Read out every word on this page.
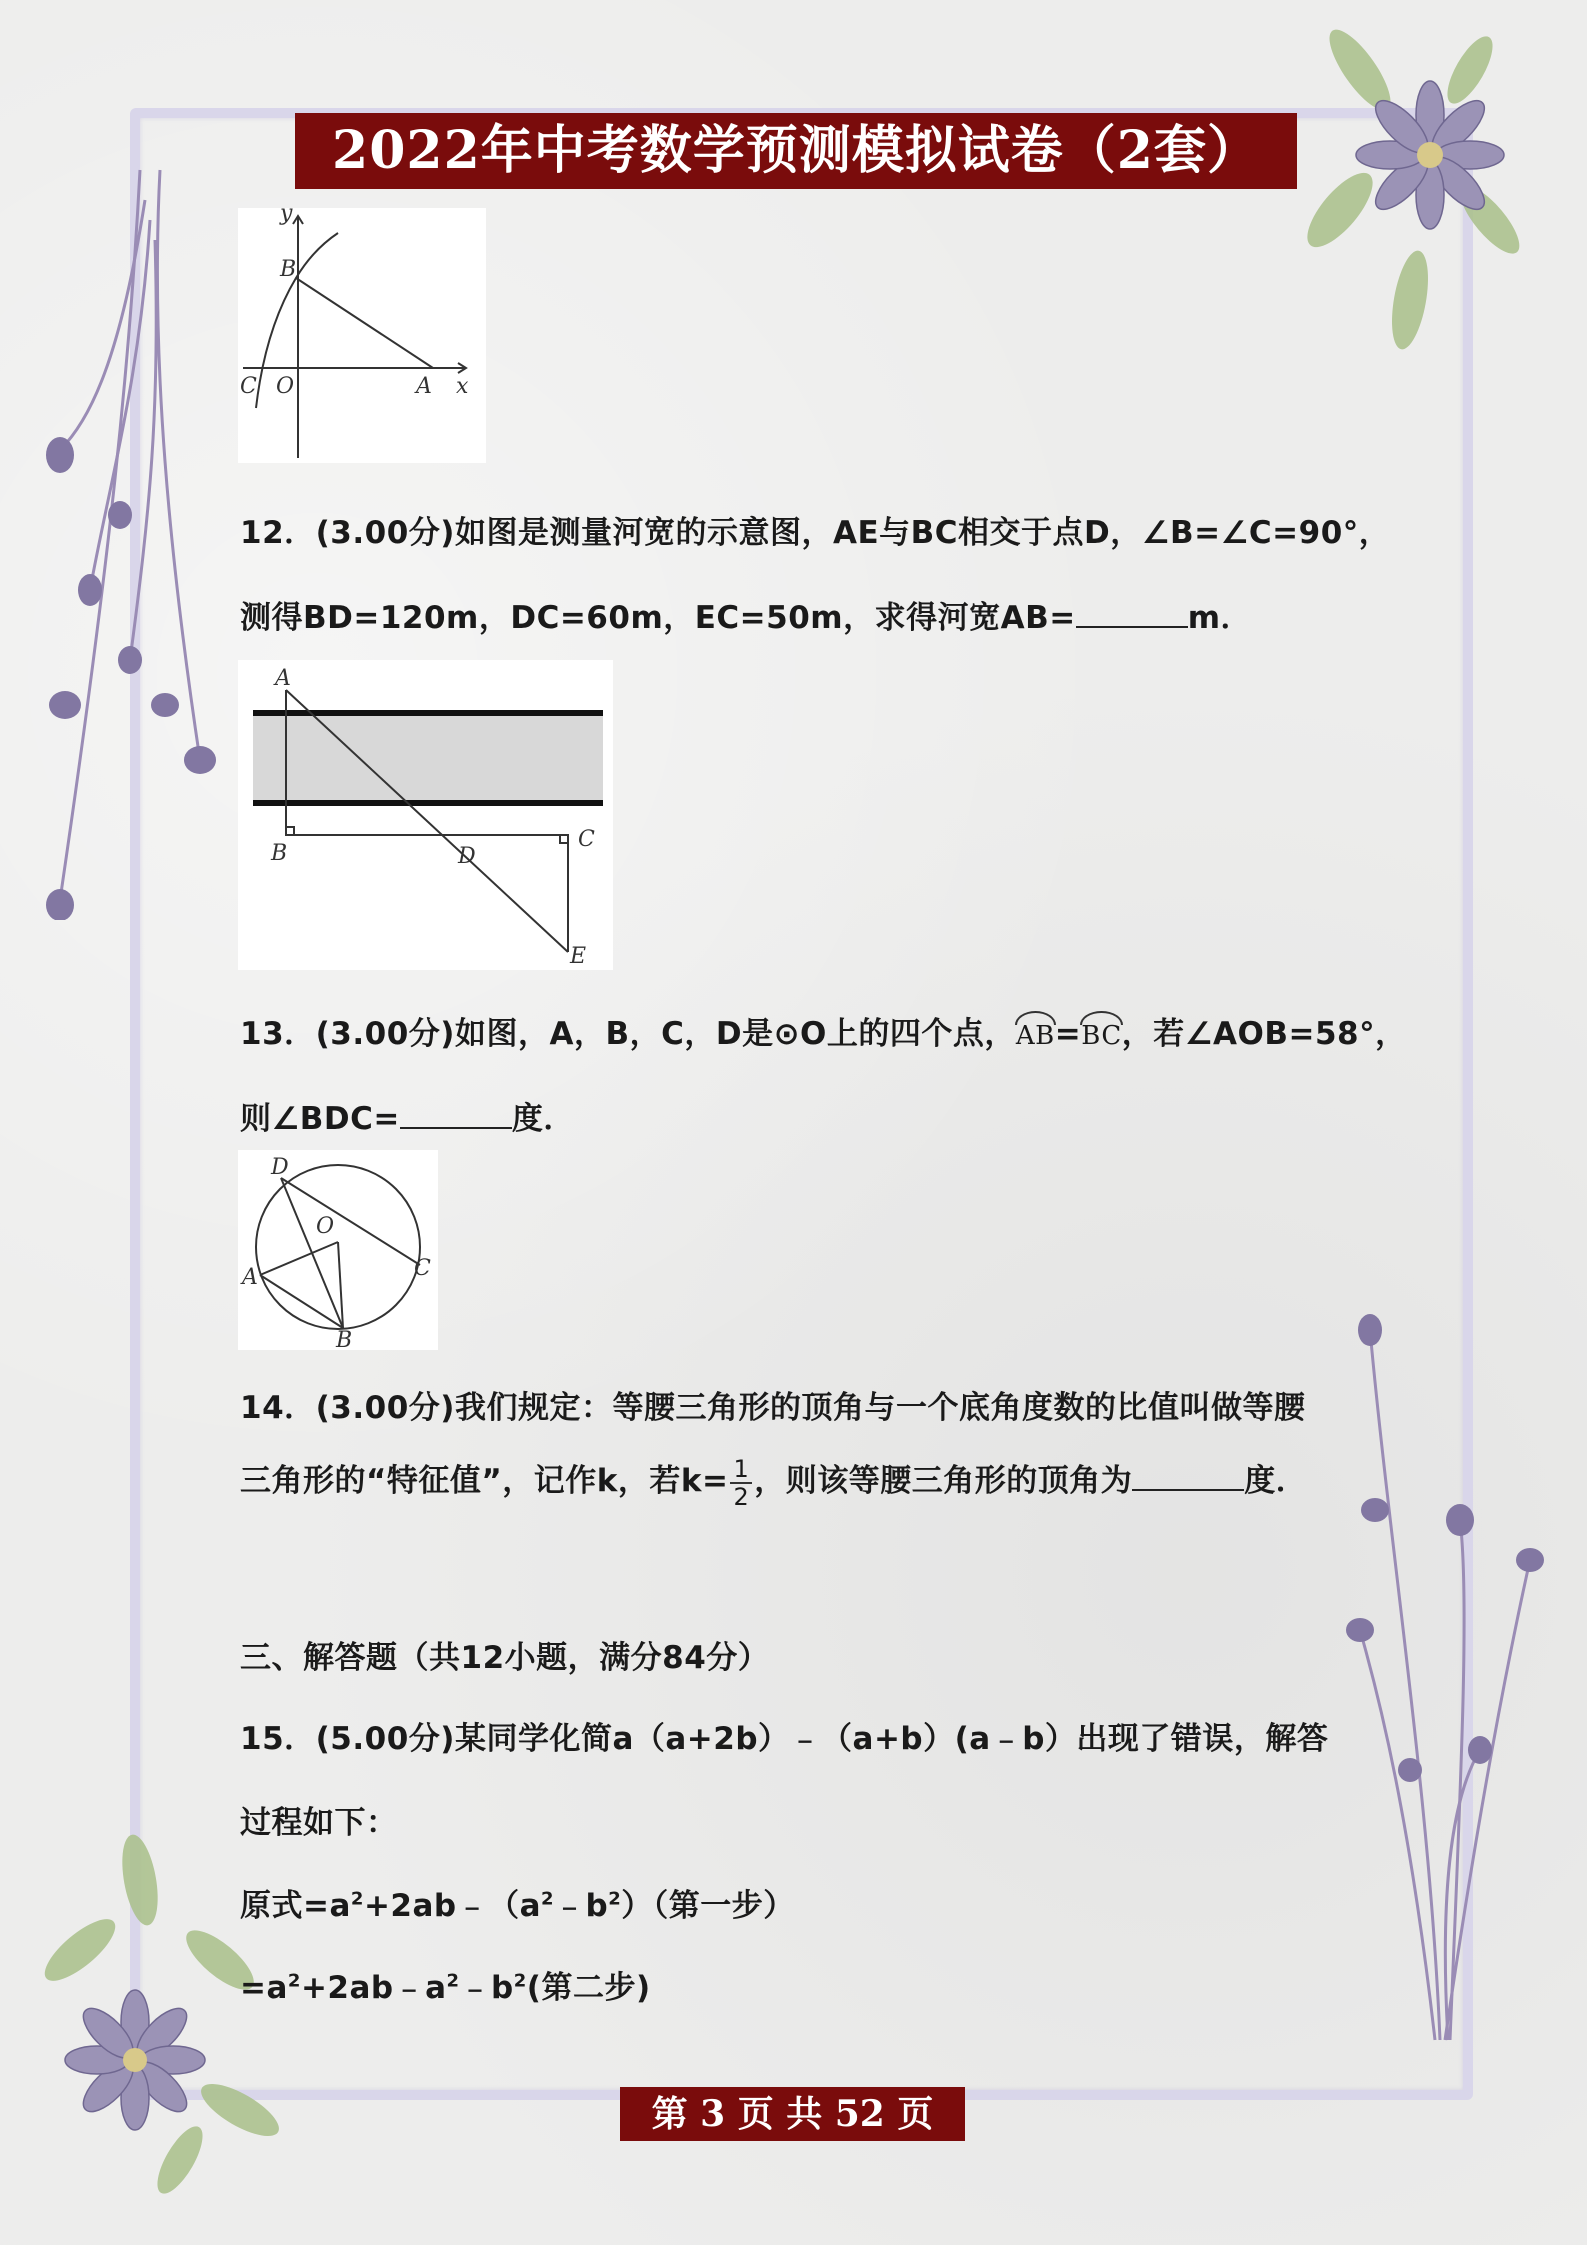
2022年中考数学预测模拟试卷（2套）
y
B
C O	A x
12．(3.00分)如图是测量河宽的示意图，AE与BC相交于点D，∠B=∠C=90°，
测得BD=120m，DC=60m，EC=50m，求得河宽AB=	m．
A
B	D
C
E
13．(3.00分)如图，A，B，C，D是⊙O上的四个点，AB=BC，若∠AOB=58°，
则∠BDC=	度．
D
O
A	C
B
14．(3.00分)我们规定：等腰三角形的顶角与一个底角度数的比值叫做等腰
三角形的“特征值”，记作k，若$k= \frac{1}{2}$ ，则该等腰三角形的顶角为	度．
三、解答题（共12小题，满分84分）
15．(5.00分)某同学化简a（a+2b）﹣（a+b）(a﹣b）出现了错误，解答
过程如下：
原式$=a^2+2ab﹣(a^2﹣b^2)$（第一步）
$=a^2+2ab﹣a^2﹣b^2$(第二步)
第 3 页 共 52 页
